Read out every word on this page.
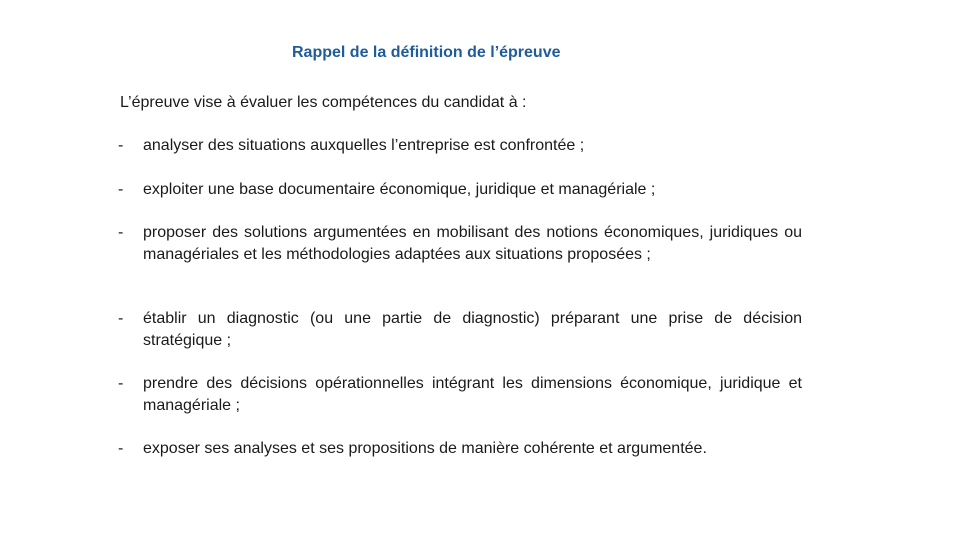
Rappel de la définition de l’épreuve
L’épreuve vise à évaluer les compétences du candidat à :
-	analyser des situations auxquelles l’entreprise est confrontée ;
-	exploiter une base documentaire économique, juridique et managériale ;
-	proposer des solutions argumentées en mobilisant des notions économiques, juridiques ou managériales et les méthodologies adaptées aux situations proposées ;
-	établir un diagnostic (ou une partie de diagnostic) préparant une prise de décision stratégique ;
-	prendre des décisions opérationnelles intégrant les dimensions économique, juridique et managériale ;
-	exposer ses analyses et ses propositions de manière cohérente et argumentée.
